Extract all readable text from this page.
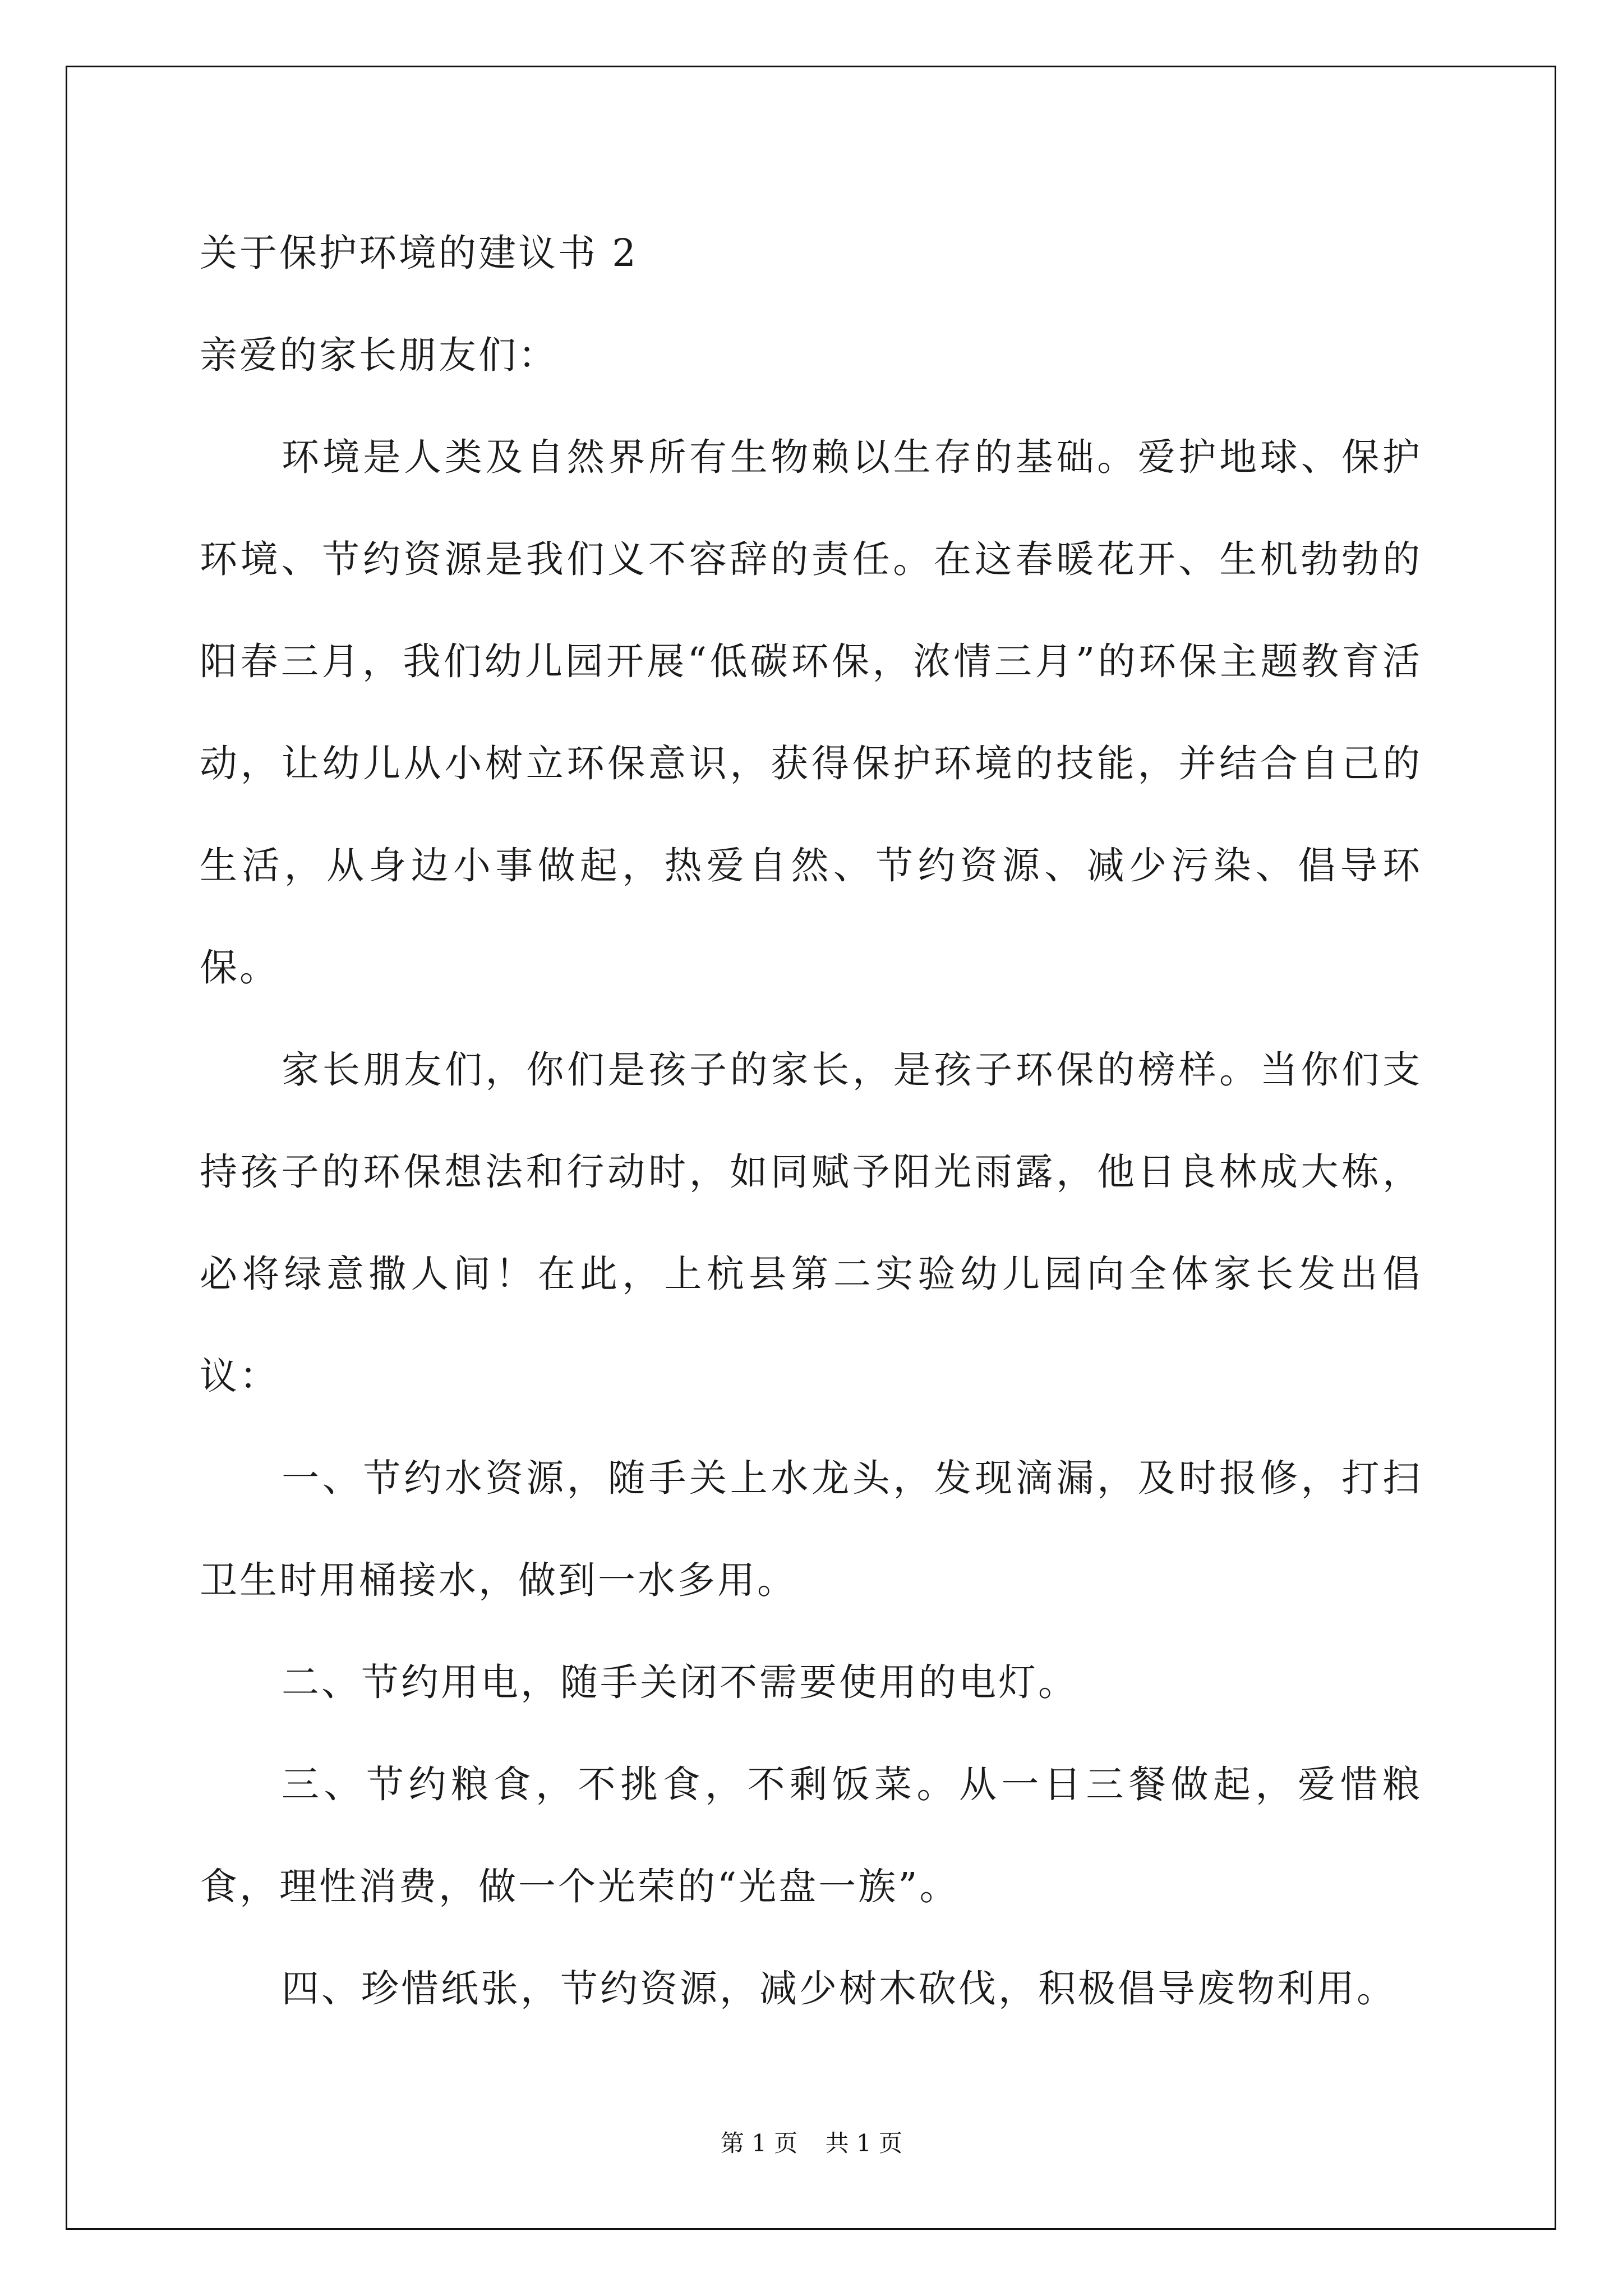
关于保护环境的建议书 2

亲爱的家长朋友们：

环境是人类及自然界所有生物赖以生存的基础。爱护地球、保护环境、节约资源是我们义不容辞的责任。在这春暖花开、生机勃勃的阳春三月，我们幼儿园开展“低碳环保，浓情三月”的环保主题教育活动，让幼儿从小树立环保意识，获得保护环境的技能，并结合自己的生活，从身边小事做起，热爱自然、节约资源、减少污染、倡导环保。

家长朋友们，你们是孩子的家长，是孩子环保的榜样。当你们支持孩子的环保想法和行动时，如同赋予阳光雨露，他日良林成大栋，必将绿意撒人间！在此，上杭县第二实验幼儿园向全体家长发出倡议：

一、节约水资源，随手关上水龙头，发现滴漏，及时报修，打扫卫生时用桶接水，做到一水多用。

二、节约用电，随手关闭不需要使用的电灯。

三、节约粮食，不挑食，不剩饭菜。从一日三餐做起，爱惜粮食，理性消费，做一个光荣的“光盘一族”。

四、珍惜纸张，节约资源，减少树木砍伐，积极倡导废物利用。

第 1 页 共 1 页
